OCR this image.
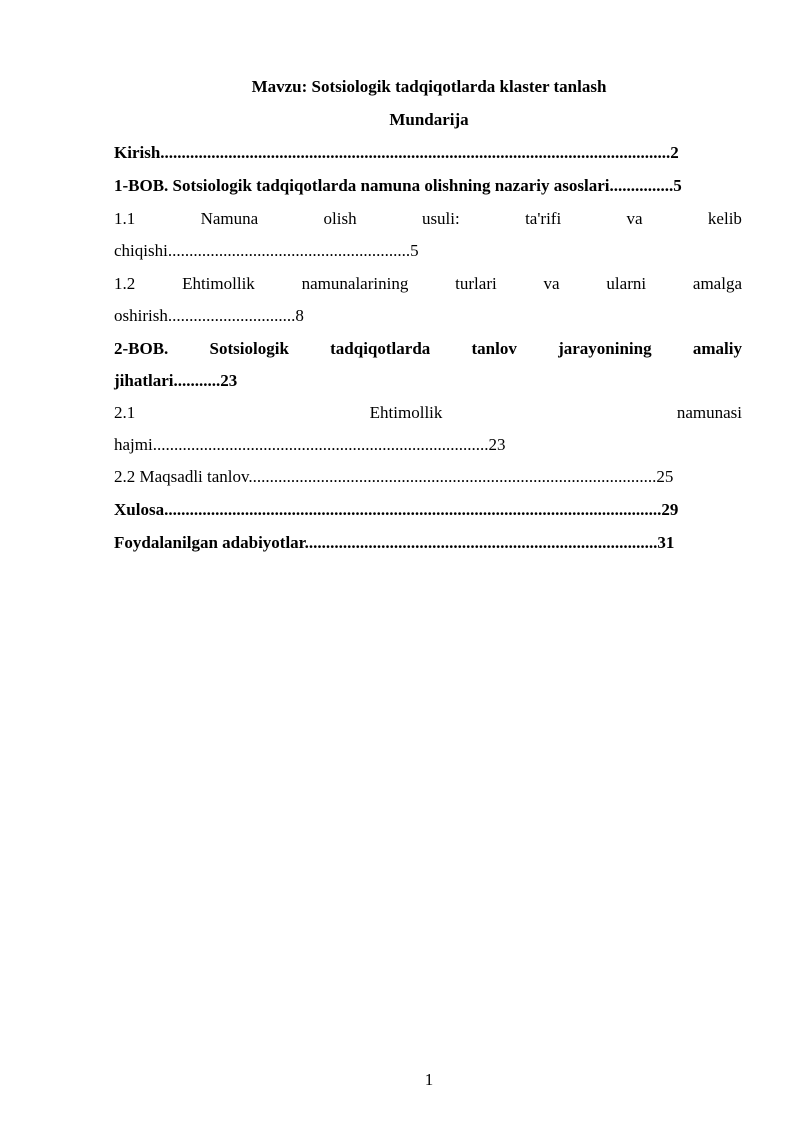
Mavzu: Sotsiologik tadqiqotlarda klaster tanlash
Mundarija
Kirish........................................................................................................................2
1-BOB. Sotsiologik tadqiqotlarda namuna olishning nazariy asoslari...............5
1.1	Namuna	olish	usuli:	ta'rifi	va	kelib
chiqishi.........................................................5
1.2	Ehtimollik	namunalarining	turlari	va	ularni	amalga
oshirish..............................8
2-BOB. Sotsiologik tadqiqotlarda tanlov jarayonining amaliy
jihatlari...........23
2.1	Ehtimollik	namunasi
hajmi...............................................................................23
2.2 Maqsadli tanlov................................................................................................25
Xulosa.....................................................................................................................29
Foydalanilgan adabiyotlar...................................................................................31
1
